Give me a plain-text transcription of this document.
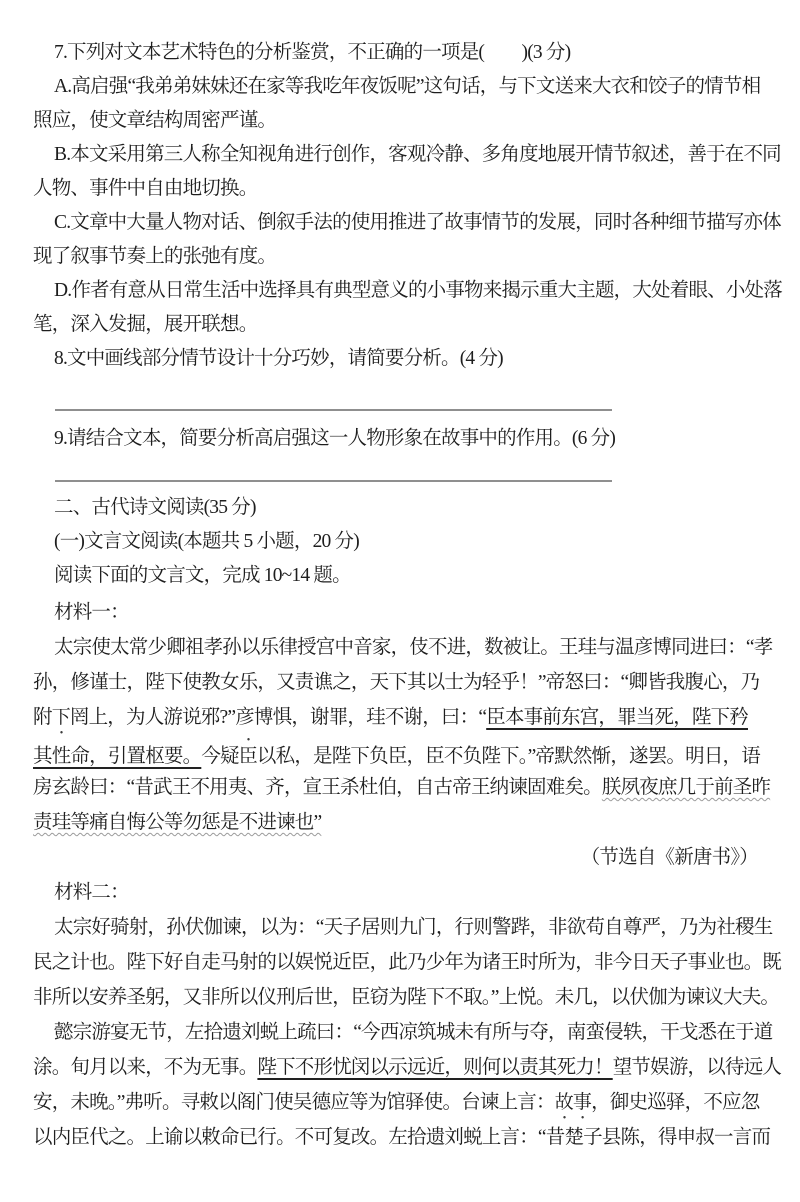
7.下列对文本艺术特色的分析鉴赏，不正确的一项是(　　)(3 分)

A.高启强“我弟弟妹妹还在家等我吃年夜饭呢”这句话，与下文送来大衣和饺子的情节相

照应，使文章结构周密严谨。

B.本文采用第三人称全知视角进行创作，客观冷静、多角度地展开情节叙述，善于在不同

人物、事件中自由地切换。

C.文章中大量人物对话、倒叙手法的使用推进了故事情节的发展，同时各种细节描写亦体

现了叙事节奏上的张弛有度。

D.作者有意从日常生活中选择具有典型意义的小事物来揭示重大主题，大处着眼、小处落

笔，深入发掘，展开联想。

8.文中画线部分情节设计十分巧妙，请简要分析。(4 分)

9.请结合文本，简要分析高启强这一人物形象在故事中的作用。(6 分)

二、古代诗文阅读(35 分)

(一)文言文阅读(本题共 5 小题，20 分)

阅读下面的文言文，完成 10~14 题。

材料一：

太宗使太常少卿祖孝孙以乐律授宫中音家，伎不进，数被让。王珪与温彦博同进曰：“孝

孙，修谨士，陛下使教女乐，又责谯之，天下其以士为轻乎！”帝怒曰：“卿皆我腹心，乃

附下罔上，为人游说邪?”彦博惧，谢罪，珪不谢，曰：“臣本事前东宫，罪当死，陛下矜

其性命，引置枢要。今疑臣以私，是陛下负臣，臣不负陛下。”帝默然惭，遂罢。明日，语

房玄龄曰：“昔武王不用夷、齐，宣王杀杜伯，自古帝王纳谏固难矣。朕夙夜庶几于前圣昨

责珪等痛自悔公等勿惩是不进谏也”

（节选自《新唐书》）

材料二：

太宗好骑射，孙伏伽谏，以为：“天子居则九门，行则警跸，非欲苟自尊严，乃为社稷生

民之计也。陛下好自走马射的以娱悦近臣，此乃少年为诸王时所为，非今日天子事业也。既

非所以安养圣躬，又非所以仪刑后世，臣窃为陛下不取。”上悦。未几，以伏伽为谏议大夫。

懿宗游宴无节，左拾遗刘蜕上疏曰：“今西凉筑城未有所与夺，南蛮侵轶，干戈悉在于道

涂。旬月以来，不为无事。陛下不形忧闵以示远近，则何以责其死力！望节娱游，以待远人

安，未晚。”弗听。寻敕以阁门使吴德应等为馆驿使。台谏上言：故事，御史巡驿，不应忽

以内臣代之。上谕以敕命已行。不可复改。左拾遗刘蜕上言：“昔楚子县陈，得申叔一言而
